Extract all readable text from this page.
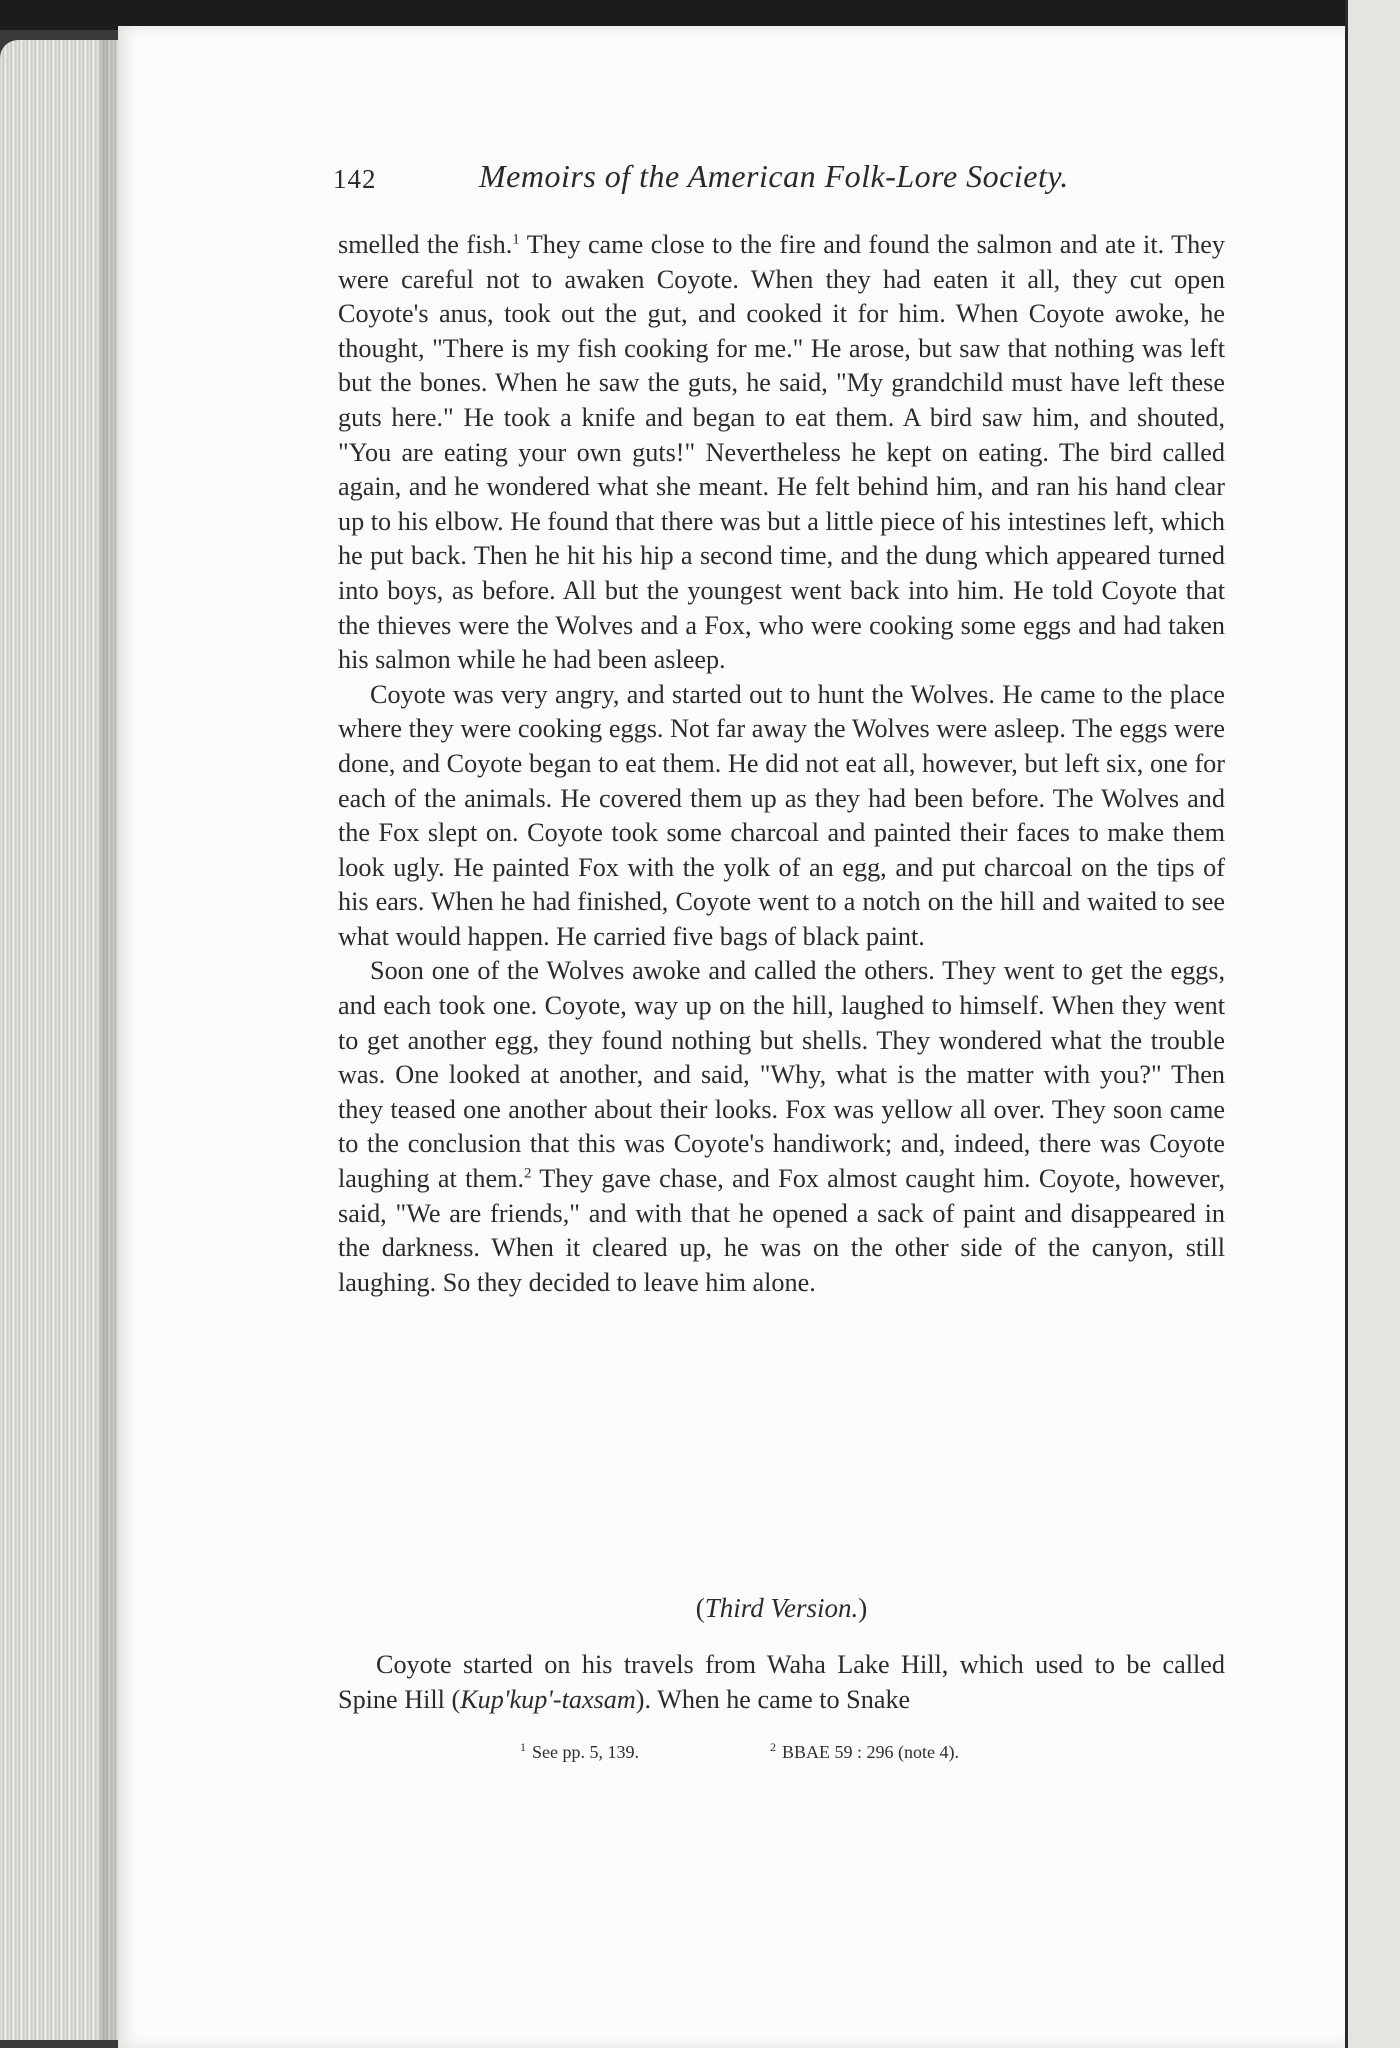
142	Memoirs of the American Folk-Lore Society.

smelled the fish.$^1$ They came close to the fire and found the salmon and ate it. They were careful not to awaken Coyote. When they had eaten it all, they cut open Coyote's anus, took out the gut, and cooked it for him. When Coyote awoke, he thought, "There is my fish cooking for me." He arose, but saw that nothing was left but the bones. When he saw the guts, he said, "My grandchild must have left these guts here." He took a knife and began to eat them. A bird saw him, and shouted, "You are eating your own guts!" Nevertheless he kept on eating. The bird called again, and he wondered what she meant. He felt behind him, and ran his hand clear up to his elbow. He found that there was but a little piece of his intestines left, which he put back. Then he hit his hip a second time, and the dung which appeared turned into boys, as before. All but the youngest went back into him. He told Coyote that the thieves were the Wolves and a Fox, who were cooking some eggs and had taken his salmon while he had been asleep.

Coyote was very angry, and started out to hunt the Wolves. He came to the place where they were cooking eggs. Not far away the Wolves were asleep. The eggs were done, and Coyote began to eat them. He did not eat all, however, but left six, one for each of the animals. He covered them up as they had been before. The Wolves and the Fox slept on. Coyote took some charcoal and painted their faces to make them look ugly. He painted Fox with the yolk of an egg, and put charcoal on the tips of his ears. When he had finished, Coyote went to a notch on the hill and waited to see what would happen. He carried five bags of black paint.

Soon one of the Wolves awoke and called the others. They went to get the eggs, and each took one. Coyote, way up on the hill, laughed to himself. When they went to get another egg, they found nothing but shells. They wondered what the trouble was. One looked at another, and said, "Why, what is the matter with you?" Then they teased one another about their looks. Fox was yellow all over. They soon came to the conclusion that this was Coyote's handiwork; and, indeed, there was Coyote laughing at them.$^2$ They gave chase, and Fox almost caught him. Coyote, however, said, "We are friends," and with that he opened a sack of paint and disappeared in the darkness. When it cleared up, he was on the other side of the canyon, still laughing. So they decided to leave him alone.

(Third Version.)

Coyote started on his travels from Waha Lake Hill, which used to be called Spine Hill (Kup'kup'-taxsam). When he came to Snake

$^1$ See pp. 5, 139.	$^2$ BBAE 59 : 296 (note 4).
